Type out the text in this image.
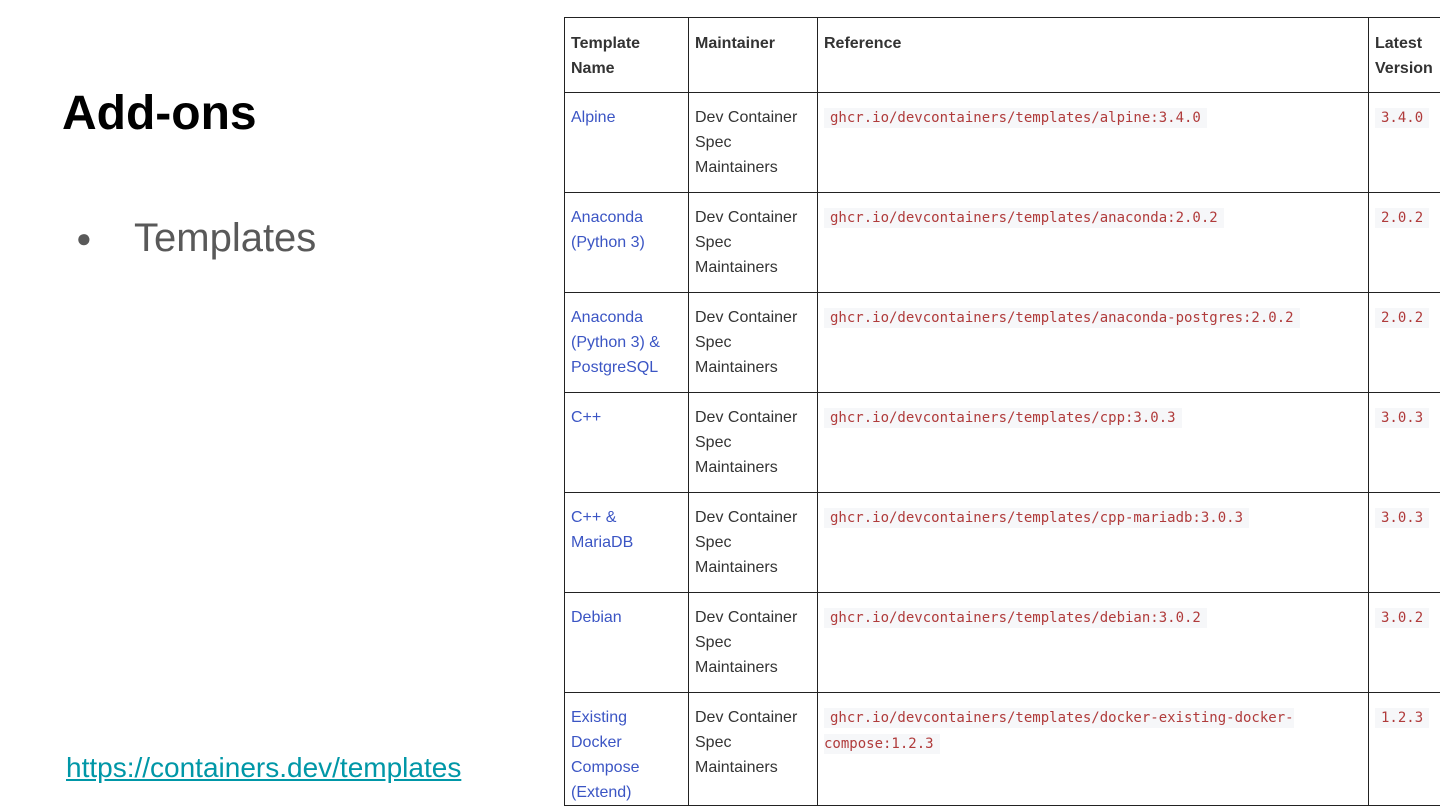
Add-ons
●	Templates
https://containers.dev/templates
Template Name	Maintainer	Reference	Latest Version
Alpine	Dev Container Spec Maintainers	ghcr.io/devcontainers/templates/alpine:3.4.0	3.4.0
Anaconda (Python 3)	Dev Container Spec Maintainers	ghcr.io/devcontainers/templates/anaconda:2.0.2	2.0.2
Anaconda (Python 3) & PostgreSQL	Dev Container Spec Maintainers	ghcr.io/devcontainers/templates/anaconda-postgres:2.0.2	2.0.2
C++	Dev Container Spec Maintainers	ghcr.io/devcontainers/templates/cpp:3.0.3	3.0.3
C++ & MariaDB	Dev Container Spec Maintainers	ghcr.io/devcontainers/templates/cpp-mariadb:3.0.3	3.0.3
Debian	Dev Container Spec Maintainers	ghcr.io/devcontainers/templates/debian:3.0.2	3.0.2
Existing Docker Compose (Extend)	Dev Container Spec Maintainers	ghcr.io/devcontainers/templates/docker-existing-docker-compose:1.2.3	1.2.3
